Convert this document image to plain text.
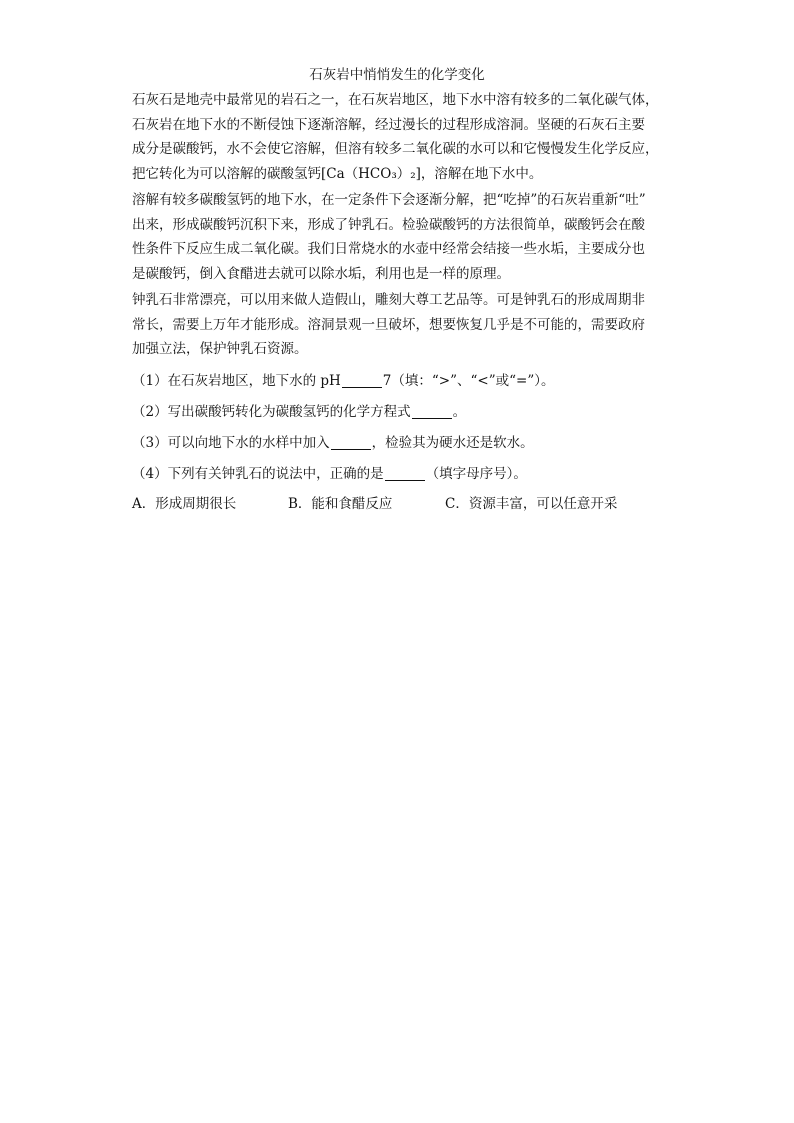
石灰岩中悄悄发生的化学变化
石灰石是地壳中最常见的岩石之一，在石灰岩地区，地下水中溶有较多的二氧化碳气体，
石灰岩在地下水的不断侵蚀下逐渐溶解，经过漫长的过程形成溶洞。坚硬的石灰石主要
成分是碳酸钙，水不会使它溶解，但溶有较多二氧化碳的水可以和它慢慢发生化学反应，
把它转化为可以溶解的碳酸氢钙[Ca（HCO₃）₂]，溶解在地下水中。
溶解有较多碳酸氢钙的地下水，在一定条件下会逐渐分解，把“吃掉”的石灰岩重新“吐”
出来，形成碳酸钙沉积下来，形成了钟乳石。检验碳酸钙的方法很简单，碳酸钙会在酸
性条件下反应生成二氧化碳。我们日常烧水的水壶中经常会结接一些水垢，主要成分也
是碳酸钙，倒入食醋进去就可以除水垢，利用也是一样的原理。
钟乳石非常漂亮，可以用来做人造假山，雕刻大尊工艺品等。可是钟乳石的形成周期非
常长，需要上万年才能形成。溶洞景观一旦破坏，想要恢复几乎是不可能的，需要政府
加强立法，保护钟乳石资源。
（1）在石灰岩地区，地下水的 pH	7（填：“>”、“<”或“=”）。
（2）写出碳酸钙转化为碳酸氢钙的化学方程式	。
（3）可以向地下水的水样中加入	，检验其为硬水还是软水。
（4）下列有关钟乳石的说法中，正确的是	（填字母序号）。
A．形成周期很长	B．能和食醋反应	C．资源丰富，可以任意开采
